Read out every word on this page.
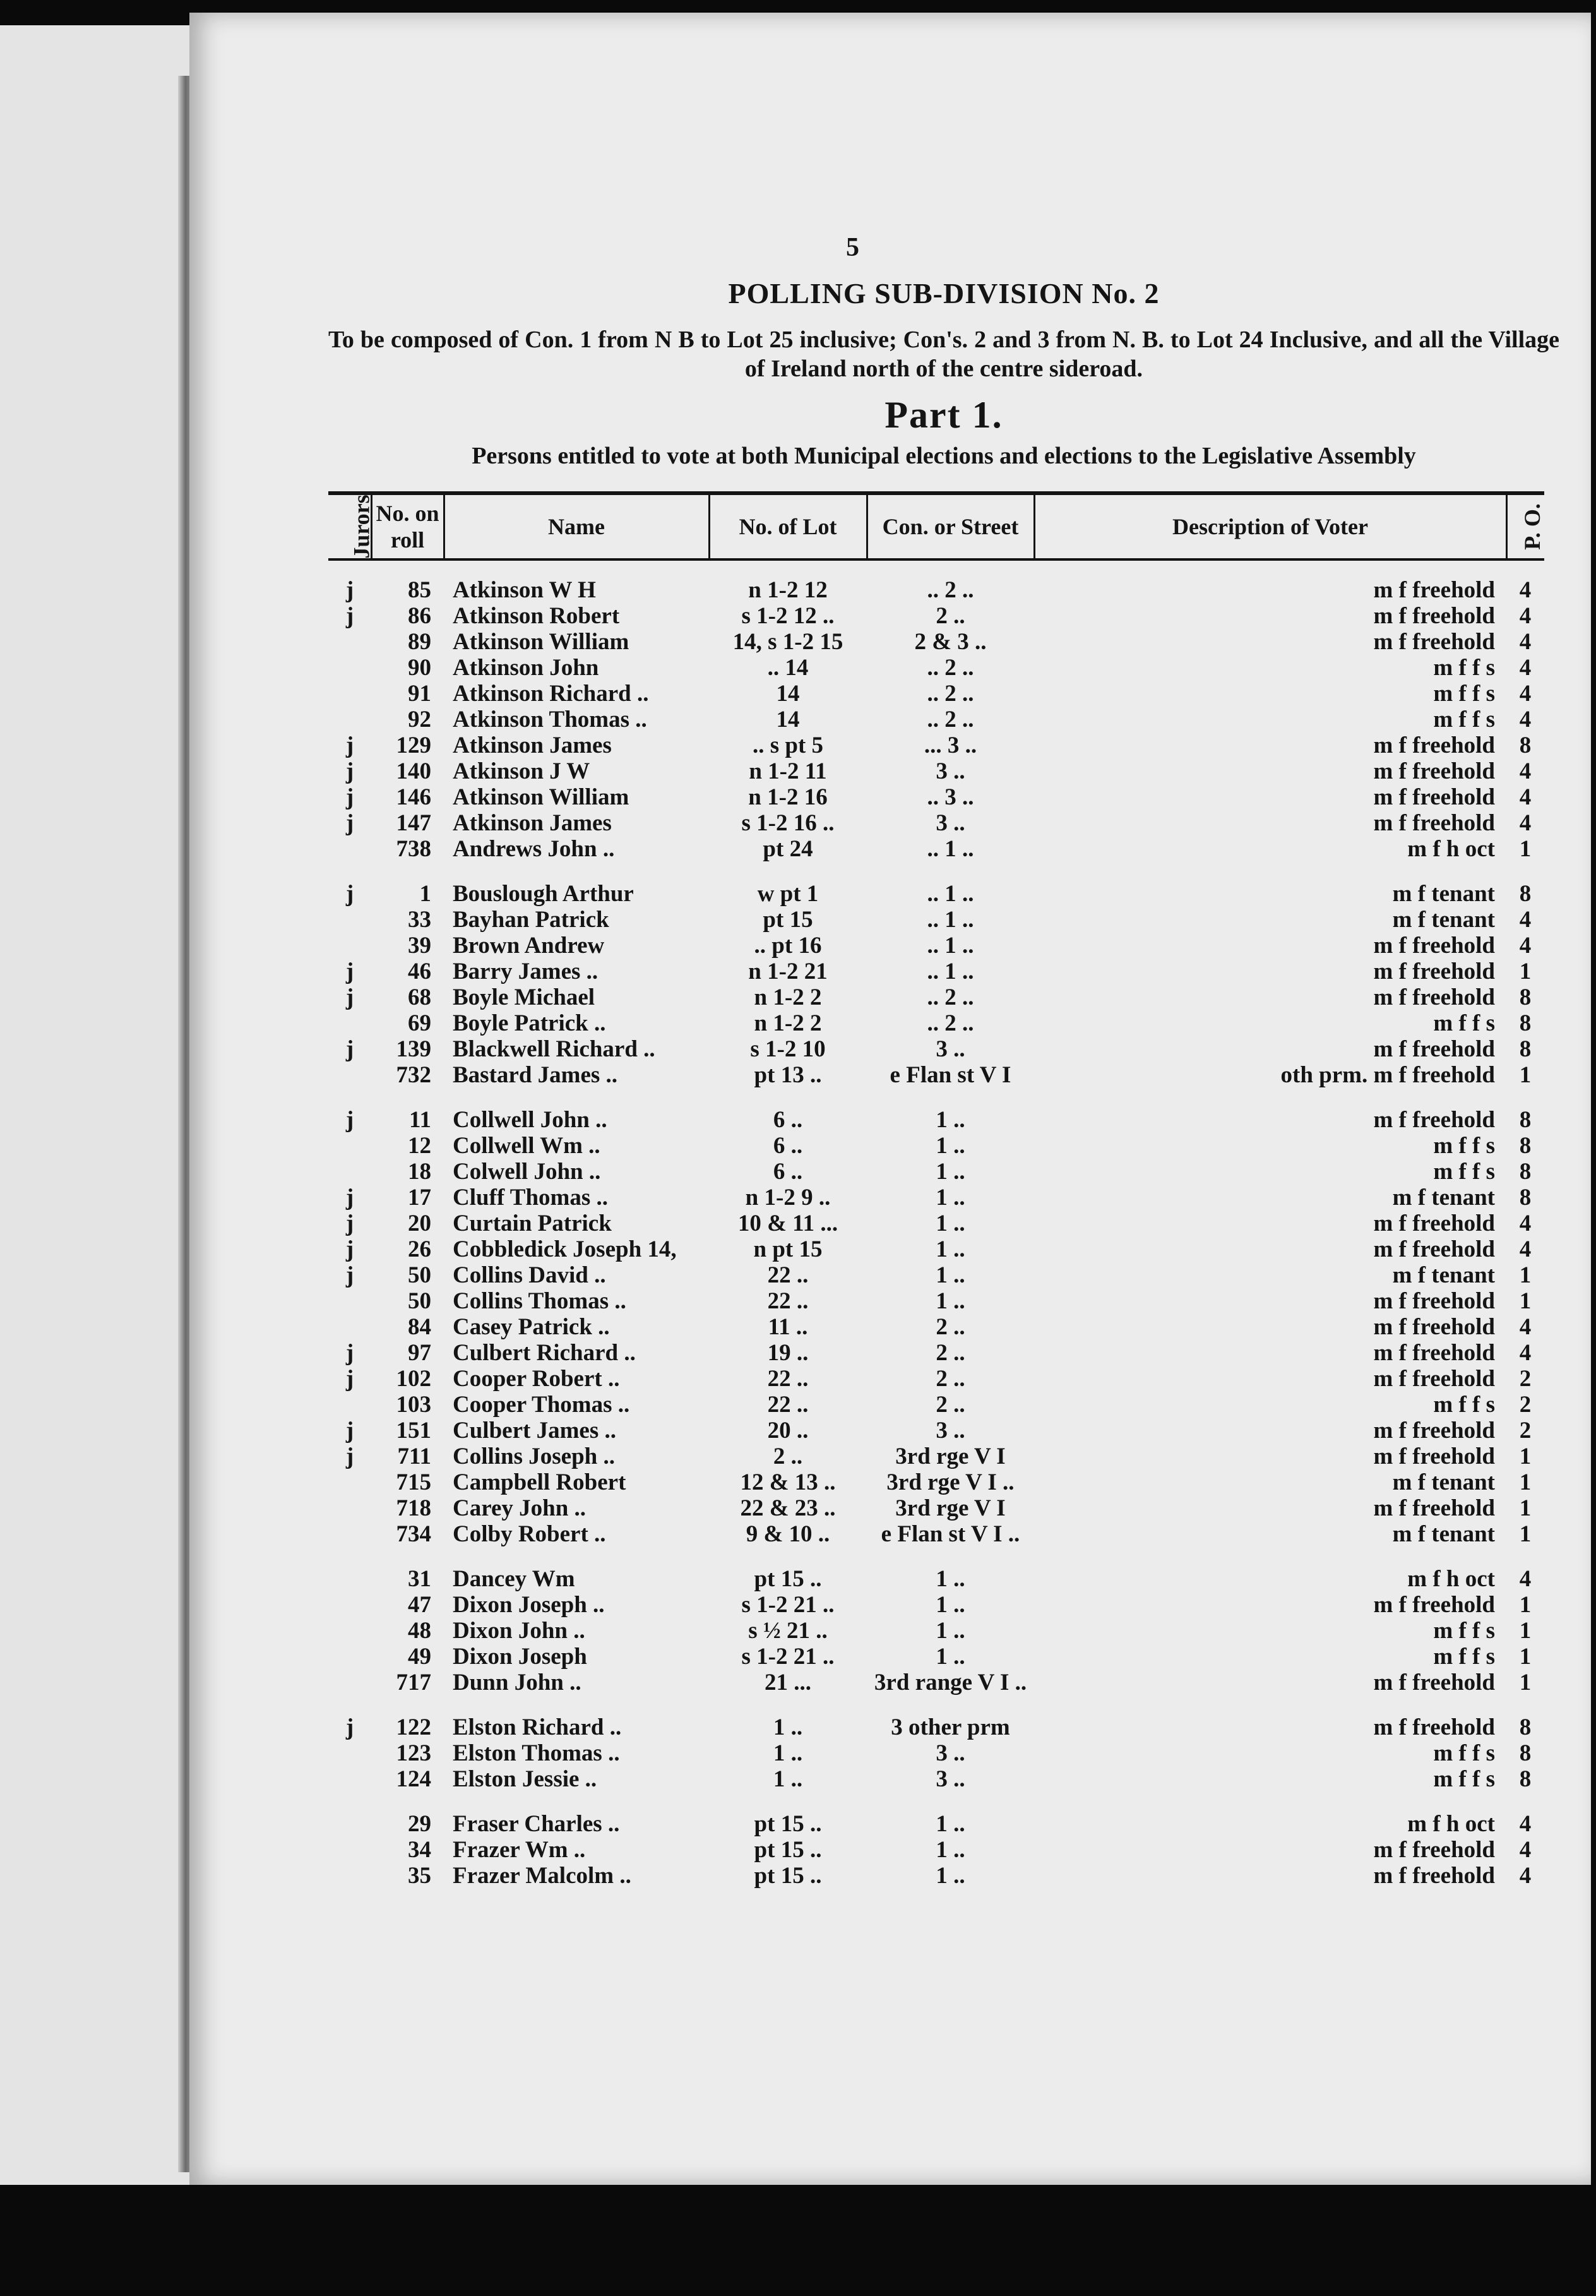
5
POLLING SUB-DIVISION No. 2
To be composed of Con. 1 from N B to Lot 25 inclusive; Con's. 2 and 3 from N. B. to Lot 24 Inclusive, and all the Village of Ireland north of the centre sideroad.
Part 1.
Persons entitled to vote at both Municipal elections and elections to the Legislative Assembly
Jurors	No. on roll	Name	No. of Lot	Con. or Street	Description of Voter	P. O.
j	85	Atkinson W H	n 1-2 12	.. 2 ..	m f freehold	4
j	86	Atkinson Robert	s 1-2 12 ..	2 ..	m f freehold	4
	89	Atkinson William	14, s 1-2 15	2 & 3 ..	m f freehold	4
	90	Atkinson John	.. 14	.. 2 ..	m f f s	4
	91	Atkinson Richard ..	14	.. 2 ..	m f f s	4
	92	Atkinson Thomas ..	14	.. 2 ..	m f f s	4
j	129	Atkinson James	.. s pt 5	... 3 ..	m f freehold	8
j	140	Atkinson J W	n 1-2 11	3 ..	m f freehold	4
j	146	Atkinson William	n 1-2 16	.. 3 ..	m f freehold	4
j	147	Atkinson James	s 1-2 16 ..	3 ..	m f freehold	4
	738	Andrews John ..	pt 24	.. 1 ..	m f h oct	1
j	1	Bouslough Arthur	w pt 1	.. 1 ..	m f tenant	8
	33	Bayhan Patrick	pt 15	.. 1 ..	m f tenant	4
	39	Brown Andrew	.. pt 16	.. 1 ..	m f freehold	4
j	46	Barry James ..	n 1-2 21	.. 1 ..	m f freehold	1
j	68	Boyle Michael	n 1-2 2	.. 2 ..	m f freehold	8
	69	Boyle Patrick ..	n 1-2 2	.. 2 ..	m f f s	8
j	139	Blackwell Richard ..	s 1-2 10	3 ..	m f freehold	8
	732	Bastard James ..	pt 13 ..	e Flan st V I	oth prm. m f freehold	1
j	11	Collwell John ..	6 ..	1 ..	m f freehold	8
	12	Collwell Wm ..	6 ..	1 ..	m f f s	8
	18	Colwell John ..	6 ..	1 ..	m f f s	8
j	17	Cluff Thomas ..	n 1-2 9 ..	1 ..	m f tenant	8
j	20	Curtain Patrick	10 & 11 ...	1 ..	m f freehold	4
j	26	Cobbledick Joseph 14,	n pt 15	1 ..	m f freehold	4
j	50	Collins David ..	22 ..	1 ..	m f tenant	1
	50	Collins Thomas ..	22 ..	1 ..	m f freehold	1
	84	Casey Patrick ..	11 ..	2 ..	m f freehold	4
j	97	Culbert Richard ..	19 ..	2 ..	m f freehold	4
j	102	Cooper Robert ..	22 ..	2 ..	m f freehold	2
	103	Cooper Thomas ..	22 ..	2 ..	m f f s	2
j	151	Culbert James ..	20 ..	3 ..	m f freehold	2
j	711	Collins Joseph ..	2 ..	3rd rge V I	m f freehold	1
	715	Campbell Robert	12 & 13 ..	3rd rge V I ..	m f tenant	1
	718	Carey John ..	22 & 23 ..	3rd rge V I	m f freehold	1
	734	Colby Robert ..	9 & 10 ..	e Flan st V I ..	m f tenant	1
	31	Dancey Wm	pt 15 ..	1 ..	m f h oct	4
	47	Dixon Joseph ..	s 1-2 21 ..	1 ..	m f freehold	1
	48	Dixon John ..	s ½ 21 ..	1 ..	m f f s	1
	49	Dixon Joseph	s 1-2 21 ..	1 ..	m f f s	1
	717	Dunn John ..	21 ...	3rd range V I ..	m f freehold	1
j	122	Elston Richard ..	1 ..	3 other prm	m f freehold	8
	123	Elston Thomas ..	1 ..	3 ..	m f f s	8
	124	Elston Jessie ..	1 ..	3 ..	m f f s	8
	29	Fraser Charles ..	pt 15 ..	1 ..	m f h oct	4
	34	Frazer Wm ..	pt 15 ..	1 ..	m f freehold	4
	35	Frazer Malcolm ..	pt 15 ..	1 ..	m f freehold	4
